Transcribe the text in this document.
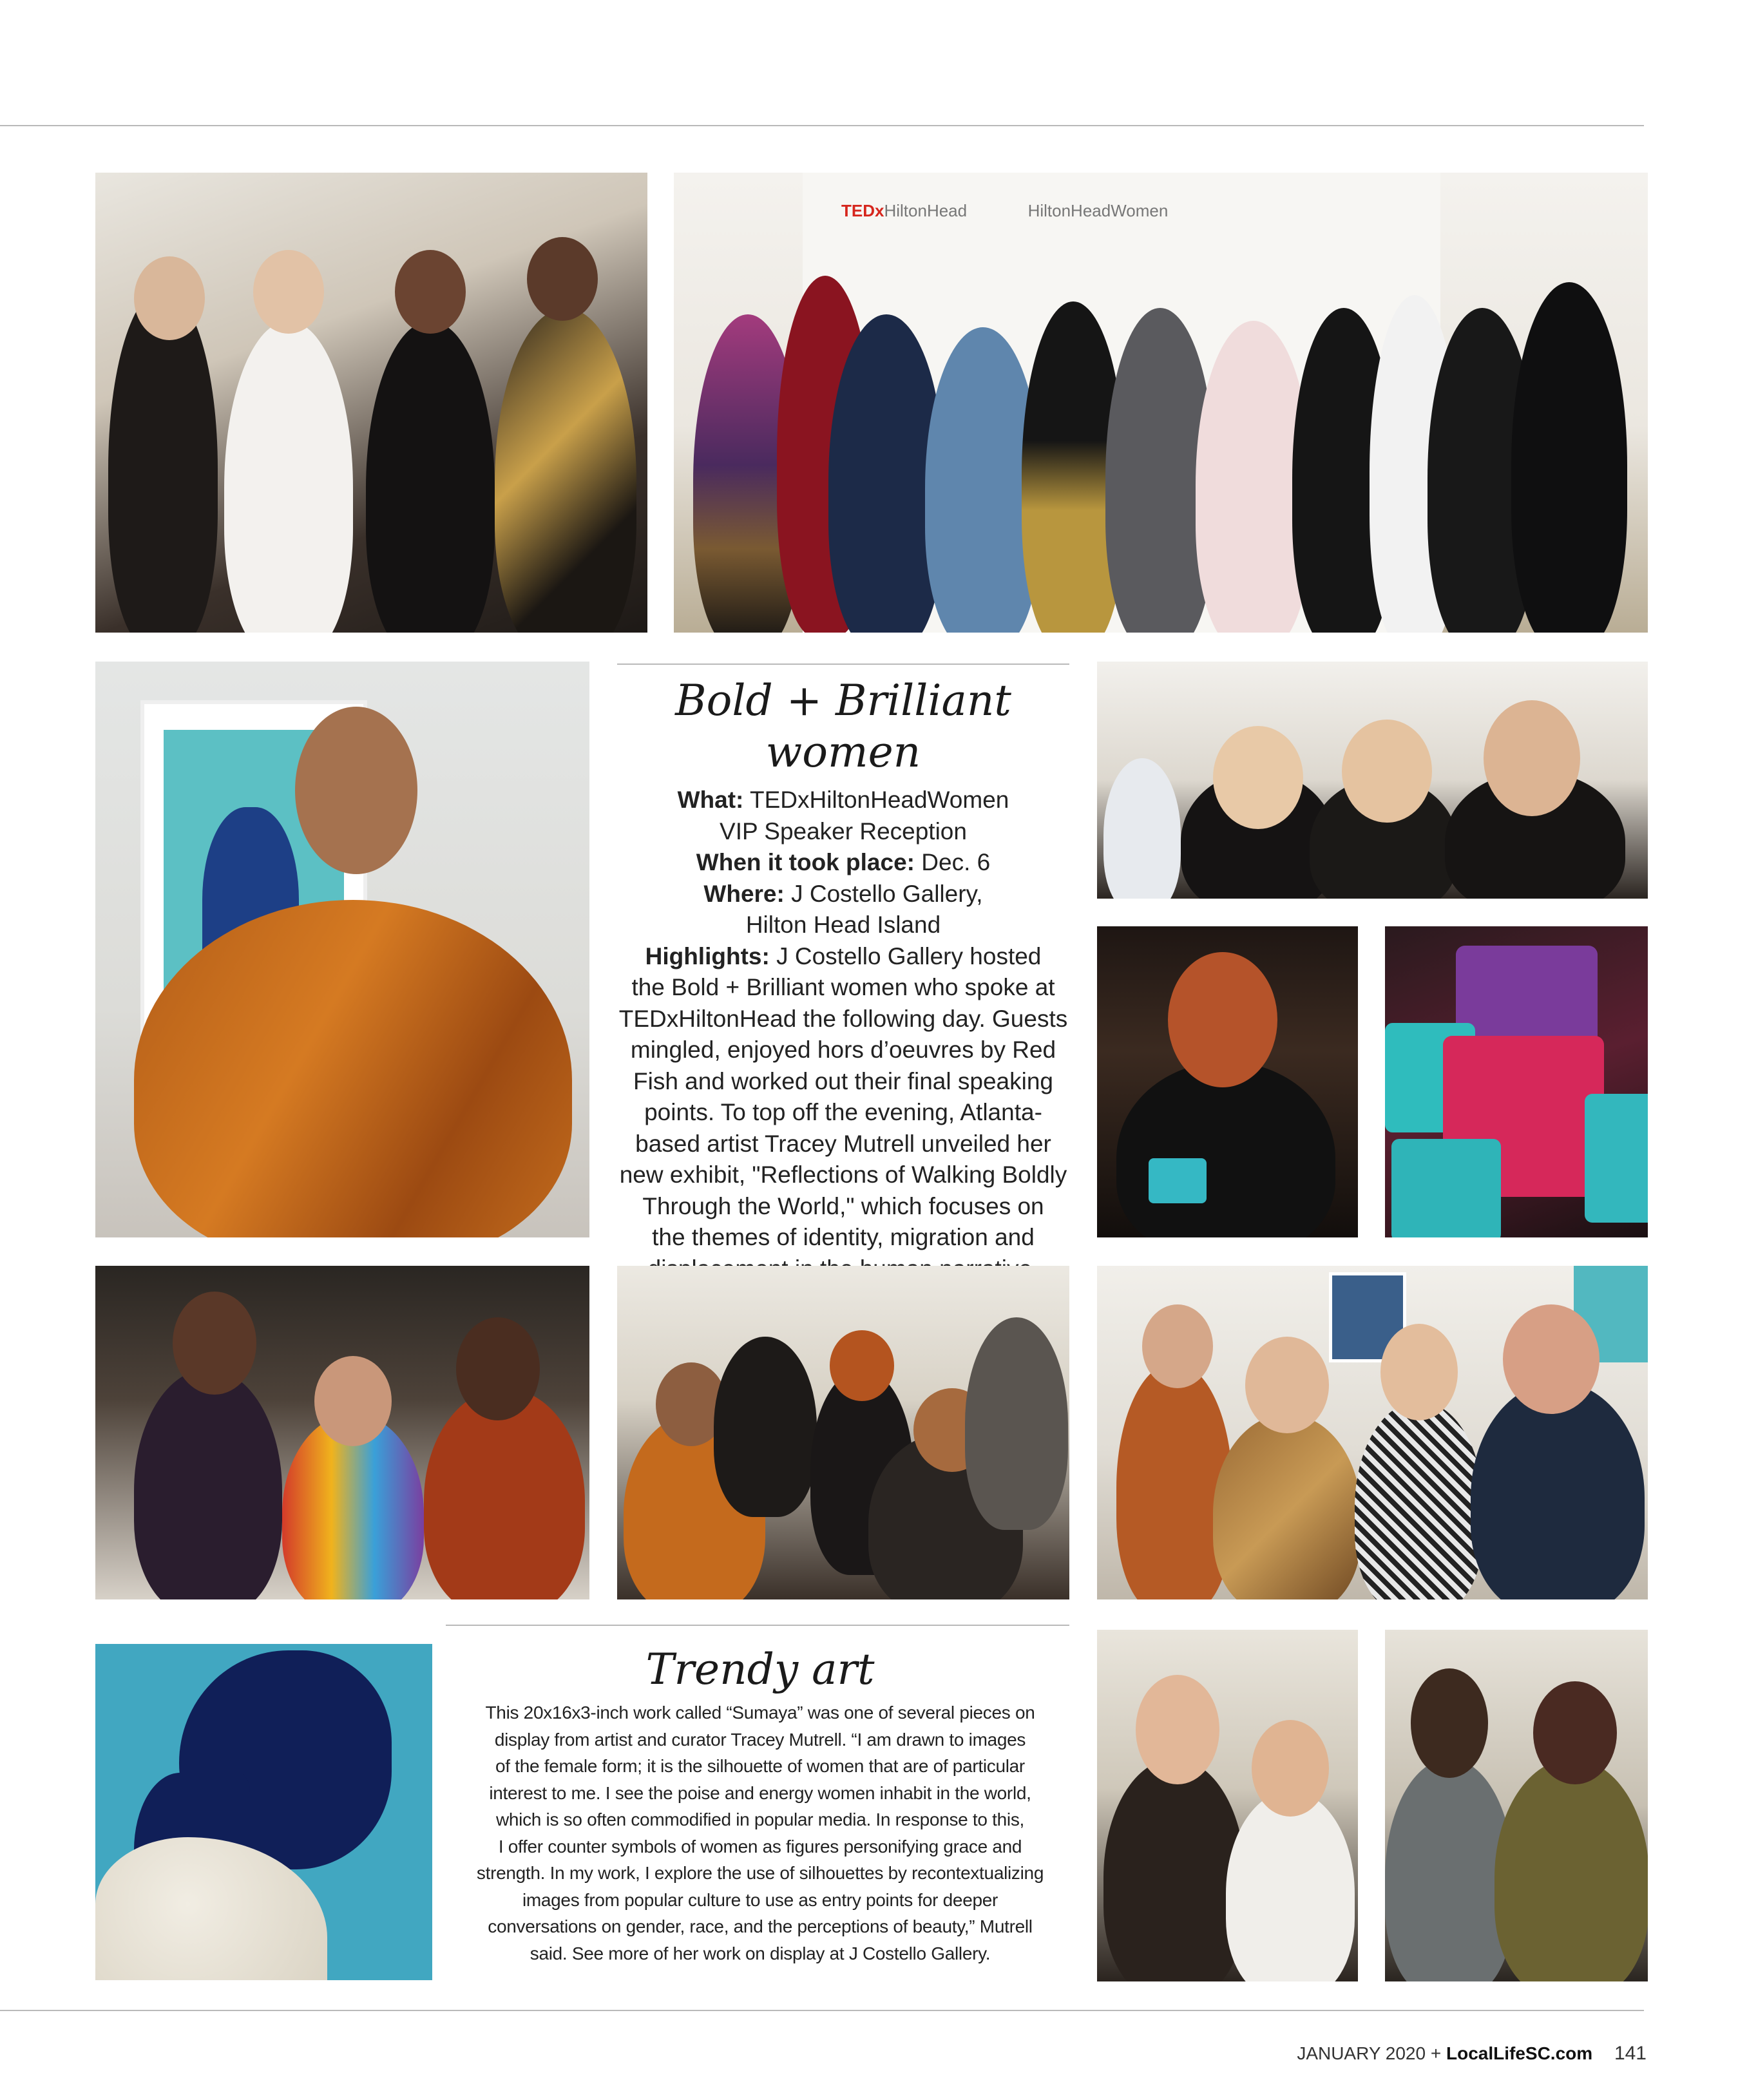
TEDxHiltonHead	HiltonHeadWomen
Bold + Brilliant women

What: TEDxHiltonHeadWomen

VIP Speaker Reception

When it took place: Dec. 6

Where: J Costello Gallery,

Hilton Head Island

Highlights: J Costello Gallery hosted

the Bold + Brilliant women who spoke at

TEDxHiltonHead the following day. Guests

mingled, enjoyed hors d’oeuvres by Red

Fish and worked out their final speaking

points. To top off the evening, Atlanta-

based artist Tracey Mutrell unveiled her

new exhibit, "Reflections of Walking Boldly

Through the World," which focuses on

the themes of identity, migration and

Trendy art

This 20x16x3-inch work called “Sumaya” was one of several pieces on

display from artist and curator Tracey Mutrell. “I am drawn to images

of the female form; it is the silhouette of women that are of particular

interest to me. I see the poise and energy women inhabit in the world,

which is so often commodified in popular media. In response to this,

I offer counter symbols of women as figures personifying grace and

strength. In my work, I explore the use of silhouettes by recontextualizing

images from popular culture to use as entry points for deeper

conversations on gender, race, and the perceptions of beauty,” Mutrell

said. See more of her work on display at J Costello Gallery.

JANUARY 2020 + LocalLifeSC.com 141
